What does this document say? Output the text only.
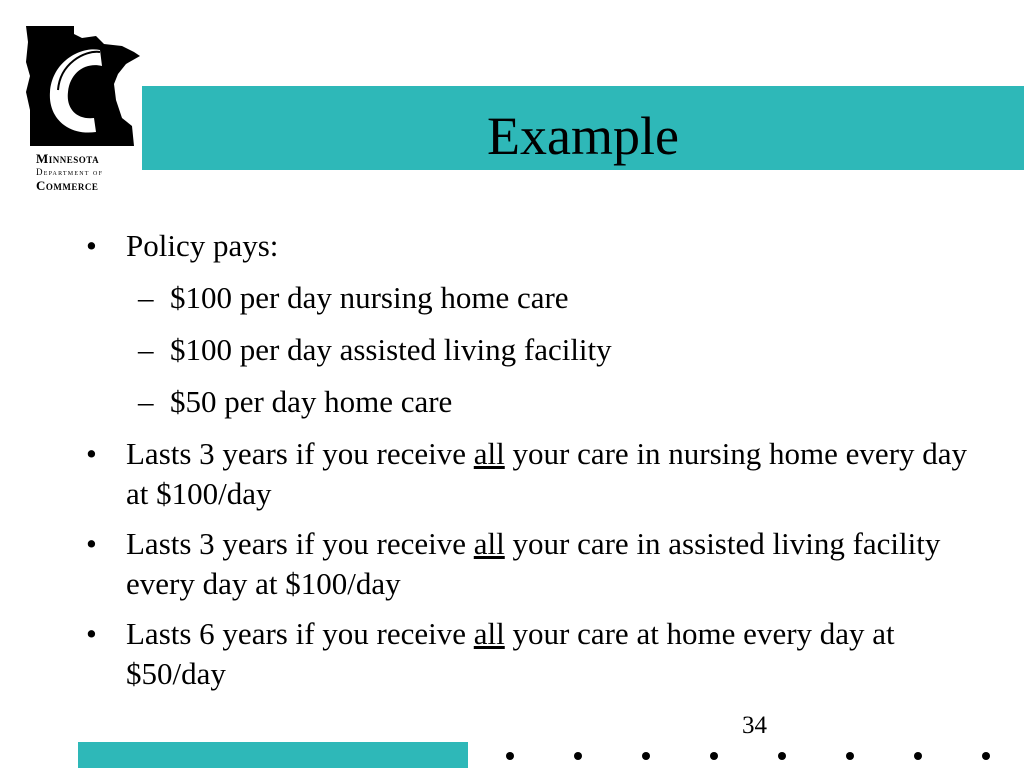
Minnesota
Department of
Commerce
Example
• Policy pays:
– $100 per day nursing home care
– $100 per day assisted living facility
– $50 per day home care
• Lasts 3 years if you receive all your care in nursing home every day at $100/day
• Lasts 3 years if you receive all your care in assisted living facility every day at $100/day
• Lasts 6 years if you receive all your care at home every day at $50/day
34
